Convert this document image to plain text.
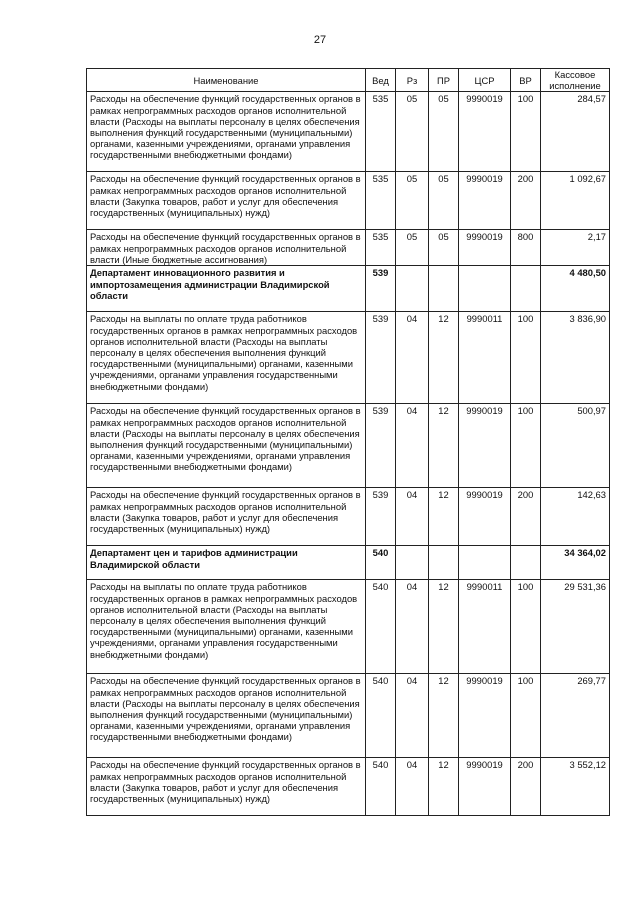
27
Наименование	Вед	Рз	ПР	ЦСР	ВР	Кассовое исполнение
Расходы на обеспечение функций государственных органов в рамках непрограммных расходов органов исполнительной власти (Расходы на выплаты персоналу в целях обеспечения выполнения функций государственными (муниципальными) органами, казенными учреждениями, органами управления государственными внебюджетными фондами)	535	05	05	9990019	100	284,57
Расходы на обеспечение функций государственных органов в рамках непрограммных расходов органов исполнительной власти (Закупка товаров, работ и услуг для обеспечения государственных (муниципальных) нужд)	535	05	05	9990019	200	1 092,67
Расходы на обеспечение функций государственных органов в рамках непрограммных расходов органов исполнительной власти (Иные бюджетные ассигнования)	535	05	05	9990019	800	2,17
Департамент инновационного развития и импортозамещения администрации Владимирской области	539					4 480,50
Расходы на выплаты по оплате труда работников государственных органов в рамках непрограммных расходов органов исполнительной власти (Расходы на выплаты персоналу в целях обеспечения выполнения функций государственными (муниципальными) органами, казенными учреждениями, органами управления государственными внебюджетными фондами)	539	04	12	9990011	100	3 836,90
Расходы на обеспечение функций государственных органов в рамках непрограммных расходов органов исполнительной власти (Расходы на выплаты персоналу в целях обеспечения выполнения функций государственными (муниципальными) органами, казенными учреждениями, органами управления государственными внебюджетными фондами)	539	04	12	9990019	100	500,97
Расходы на обеспечение функций государственных органов в рамках непрограммных расходов органов исполнительной власти (Закупка товаров, работ и услуг для обеспечения государственных (муниципальных) нужд)	539	04	12	9990019	200	142,63
Департамент цен и тарифов администрации Владимирской области	540					34 364,02
Расходы на выплаты по оплате труда работников государственных органов в рамках непрограммных расходов органов исполнительной власти (Расходы на выплаты персоналу в целях обеспечения выполнения функций государственными (муниципальными) органами, казенными учреждениями, органами управления государственными внебюджетными фондами)	540	04	12	9990011	100	29 531,36
Расходы на обеспечение функций государственных органов в рамках непрограммных расходов органов исполнительной власти (Расходы на выплаты персоналу в целях обеспечения выполнения функций государственными (муниципальными) органами, казенными учреждениями, органами управления государственными внебюджетными фондами)	540	04	12	9990019	100	269,77
Расходы на обеспечение функций государственных органов в рамках непрограммных расходов органов исполнительной власти (Закупка товаров, работ и услуг для обеспечения государственных (муниципальных) нужд)	540	04	12	9990019	200	3 552,12
